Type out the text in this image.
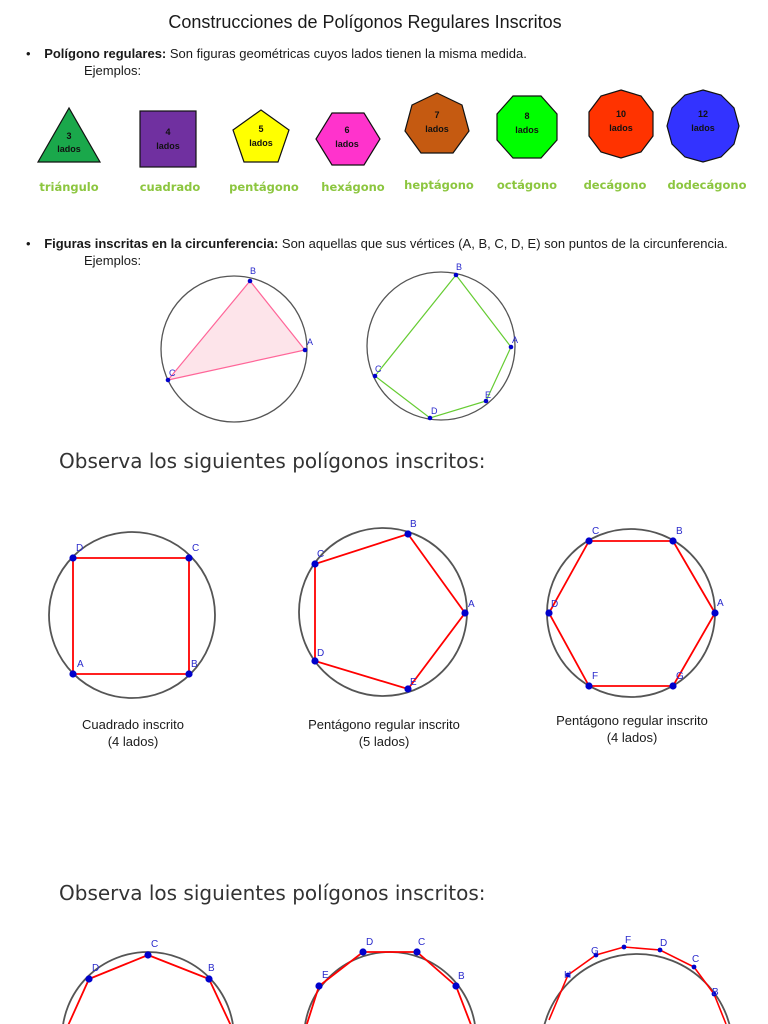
Construcciones de Polígonos Regulares Inscritos
• Polígono regulares: Son figuras geométricas cuyos lados tienen la misma medida.
Ejemplos:
3
lados
4
lados
5
lados
6
lados
7
lados
8
lados
10
lados
12
lados
triángulo	cuadrado	pentágono	hexágono	heptágono	octágono	decágono	dodecágono
• Figuras inscritas en la circunferencia: Son aquellas que sus vértices (A, B, C, D, E) son puntos de la circunferencia.
Ejemplos:
A
B
C
A
B
C
D
E
Observa los siguientes polígonos inscritos:
A	B
C
D
A
B
C
D
E
A
B
C
D
F	G
Cuadrado inscrito
(4 lados)
Pentágono regular inscrito
(5 lados)
Pentágono regular inscrito
(4 lados)
Observa los siguientes polígonos inscritos:
B
C
D
B
C
D
E
B
C
D
F
G
H
